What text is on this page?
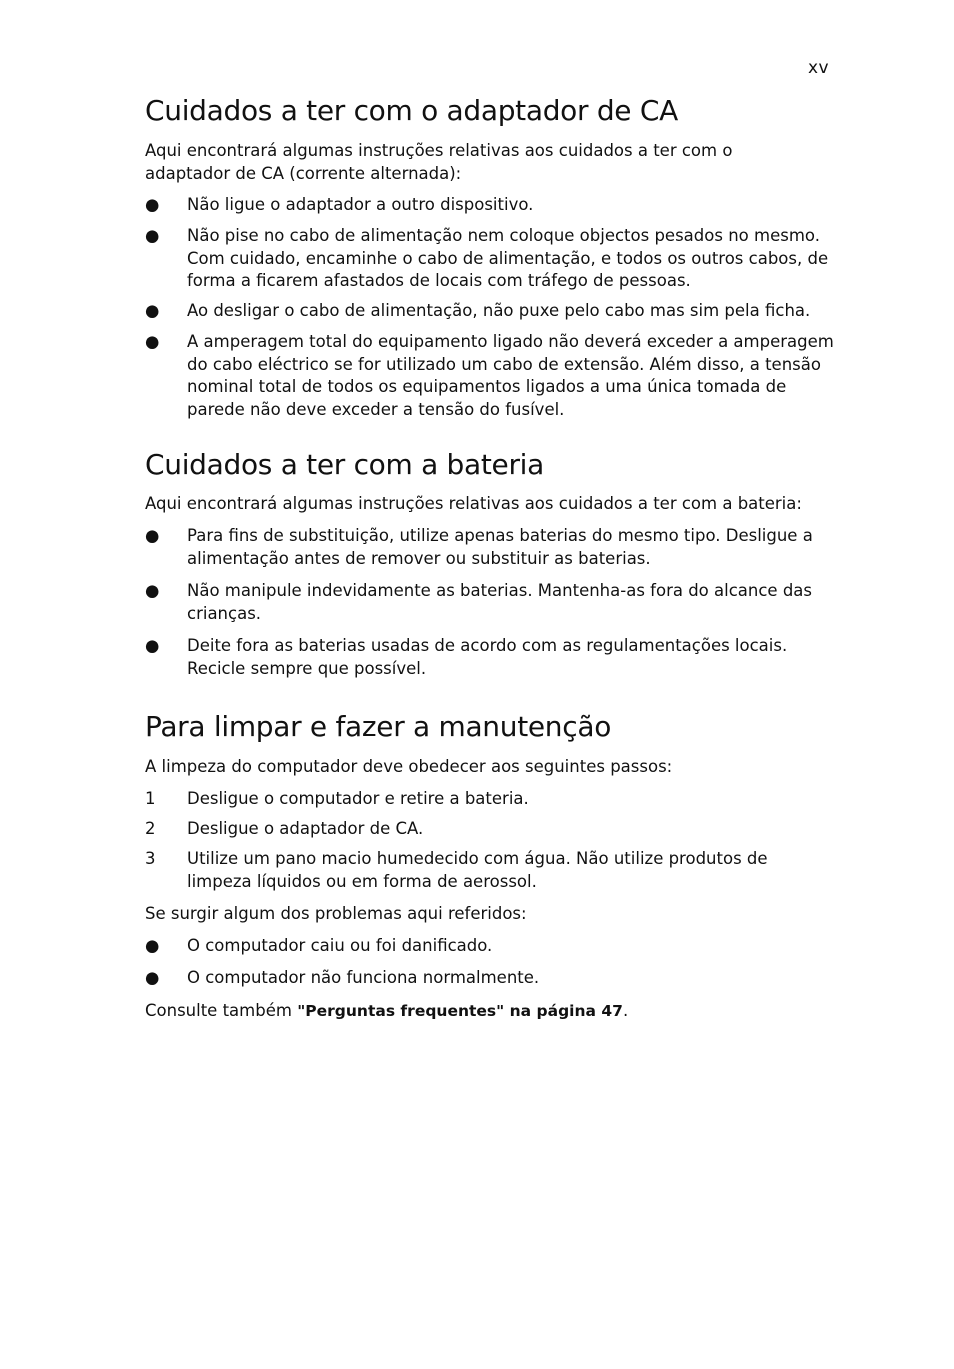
xv
Cuidados a ter com o adaptador de CA

Aqui encontrará algumas instruções relativas aos cuidados a ter com o adaptador de CA (corrente alternada):

● Não ligue o adaptador a outro dispositivo.
● Não pise no cabo de alimentação nem coloque objectos pesados no mesmo. Com cuidado, encaminhe o cabo de alimentação, e todos os outros cabos, de forma a ficarem afastados de locais com tráfego de pessoas.
● Ao desligar o cabo de alimentação, não puxe pelo cabo mas sim pela ficha.
● A amperagem total do equipamento ligado não deverá exceder a amperagem do cabo eléctrico se for utilizado um cabo de extensão. Além disso, a tensão nominal total de todos os equipamentos ligados a uma única tomada de parede não deve exceder a tensão do fusível.
Cuidados a ter com a bateria

Aqui encontrará algumas instruções relativas aos cuidados a ter com a bateria:

● Para fins de substituição, utilize apenas baterias do mesmo tipo. Desligue a alimentação antes de remover ou substituir as baterias.
● Não manipule indevidamente as baterias. Mantenha-as fora do alcance das crianças.
● Deite fora as baterias usadas de acordo com as regulamentações locais. Recicle sempre que possível.
Para limpar e fazer a manutenção

A limpeza do computador deve obedecer aos seguintes passos:

1	Desligue o computador e retire a bateria.
2	Desligue o adaptador de CA.
3	Utilize um pano macio humedecido com água. Não utilize produtos de limpeza líquidos ou em forma de aerossol.

Se surgir algum dos problemas aqui referidos:

● O computador caiu ou foi danificado.
● O computador não funciona normalmente.

Consulte também "Perguntas frequentes" na página 47.
